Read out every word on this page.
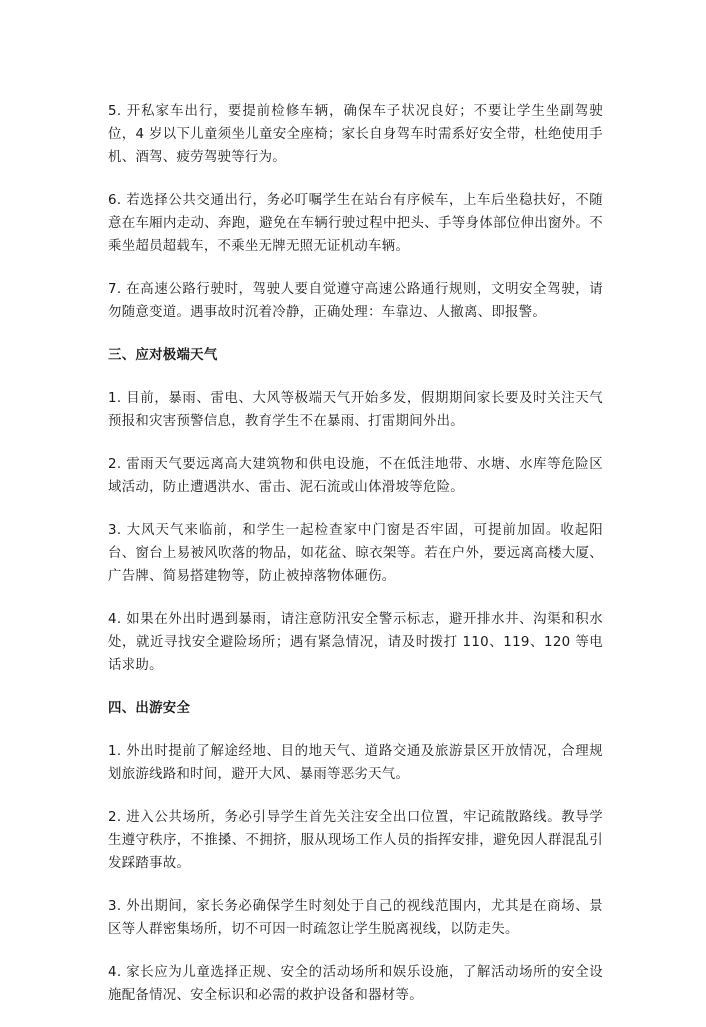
5. 开私家车出行，要提前检修车辆，确保车子状况良好；不要让学生坐副驾驶位，4 岁以下儿童须坐儿童安全座椅；家长自身驾车时需系好安全带，杜绝使用手机、酒驾、疲劳驾驶等行为。

6. 若选择公共交通出行，务必叮嘱学生在站台有序候车，上车后坐稳扶好，不随意在车厢内走动、奔跑，避免在车辆行驶过程中把头、手等身体部位伸出窗外。不乘坐超员超载车，不乘坐无牌无照无证机动车辆。

7. 在高速公路行驶时，驾驶人要自觉遵守高速公路通行规则，文明安全驾驶，请勿随意变道。遇事故时沉着冷静，正确处理：车靠边、人撤离、即报警。

三、应对极端天气

1. 目前，暴雨、雷电、大风等极端天气开始多发，假期期间家长要及时关注天气预报和灾害预警信息，教育学生不在暴雨、打雷期间外出。

2. 雷雨天气要远离高大建筑物和供电设施，不在低洼地带、水塘、水库等危险区域活动，防止遭遇洪水、雷击、泥石流或山体滑坡等危险。

3. 大风天气来临前，和学生一起检查家中门窗是否牢固，可提前加固。收起阳台、窗台上易被风吹落的物品，如花盆、晾衣架等。若在户外，要远离高楼大厦、广告牌、简易搭建物等，防止被掉落物体砸伤。

4. 如果在外出时遇到暴雨，请注意防汛安全警示标志，避开排水井、沟渠和积水处，就近寻找安全避险场所；遇有紧急情况，请及时拨打 110、119、120 等电话求助。

四、出游安全

1. 外出时提前了解途经地、目的地天气、道路交通及旅游景区开放情况，合理规划旅游线路和时间，避开大风、暴雨等恶劣天气。

2. 进入公共场所，务必引导学生首先关注安全出口位置，牢记疏散路线。教导学生遵守秩序，不推搡、不拥挤，服从现场工作人员的指挥安排，避免因人群混乱引发踩踏事故。

3. 外出期间，家长务必确保学生时刻处于自己的视线范围内，尤其是在商场、景区等人群密集场所，切不可因一时疏忽让学生脱离视线，以防走失。

4. 家长应为儿童选择正规、安全的活动场所和娱乐设施，了解活动场所的安全设施配备情况、安全标识和必需的救护设备和器材等。
